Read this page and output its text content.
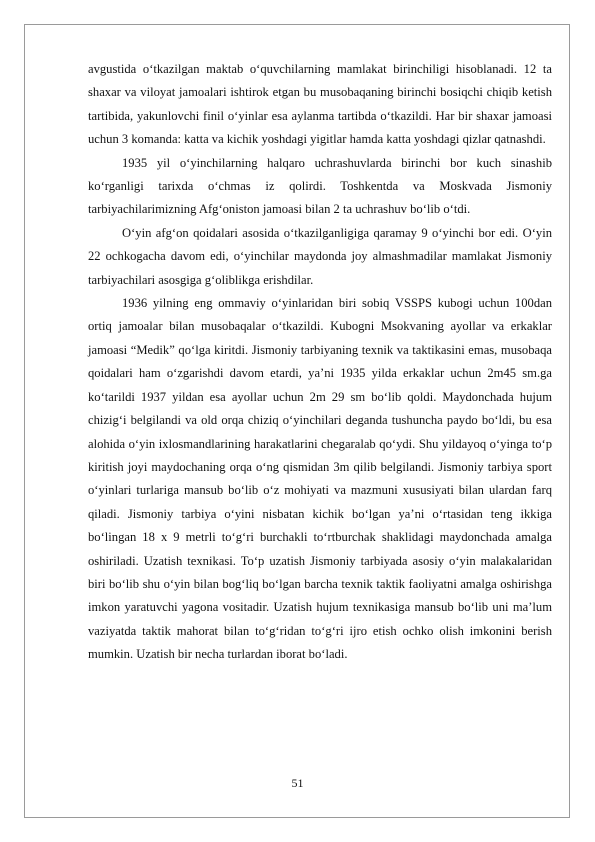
avgustida o‘tkazilgan maktab o‘quvchilarning mamlakat birinchiligi hisoblanadi. 12 ta shaxar va viloyat jamoalari ishtirok etgan bu musobaqaning birinchi bosiqchi chiqib ketish tartibida, yakunlovchi finil o‘yinlar esa aylanma tartibda o‘tkazildi. Har bir shaxar jamoasi uchun 3 komanda: katta va kichik yoshdagi yigitlar hamda katta yoshdagi qizlar qatnashdi.

1935 yil o‘yinchilarning halqaro uchrashuvlarda birinchi bor kuch sinashib ko‘rganligi tarixda o‘chmas iz qolirdi. Toshkentda va Moskvada Jismoniy tarbiyachilarimizning Afg‘oniston jamoasi bilan 2 ta uchrashuv bo‘lib o‘tdi.

O‘yin afg‘on qoidalari asosida o‘tkazilganligiga qaramay 9 o‘yinchi bor edi. O‘yin 22 ochkogacha davom edi, o‘yinchilar maydonda joy almashmadilar mamlakat Jismoniy tarbiyachilari asosgiga g‘oliblikga erishdilar.

1936 yilning eng ommaviy o‘yinlaridan biri sobiq VSSPS kubogi uchun 100dan ortiq jamoalar bilan musobaqalar o‘tkazildi. Kubogni Msokvaning ayollar va erkaklar jamoasi “Medik” qo‘lga kiritdi. Jismoniy tarbiyaning texnik va taktikasini emas, musobaqa qoidalari ham o‘zgarishdi davom etardi, ya’ni 1935 yilda erkaklar uchun 2m45 sm.ga ko‘tarildi 1937 yildan esa ayollar uchun 2m 29 sm bo‘lib qoldi. Maydonchada hujum chizig‘i belgilandi va old orqa chiziq o‘yinchilari deganda tushuncha paydo bo‘ldi, bu esa alohida o‘yin ixlosmandlarining harakatlarini chegaralab qo‘ydi. Shu yildayoq o‘yinga to‘p kiritish joyi maydochaning orqa o‘ng qismidan 3m qilib belgilandi. Jismoniy tarbiya sport o‘yinlari turlariga mansub bo‘lib o‘z mohiyati va mazmuni xususiyati bilan ulardan farq qiladi. Jismoniy tarbiya o‘yini nisbatan kichik bo‘lgan ya’ni o‘rtasidan teng ikkiga bo‘lingan 18 x 9 metrli to‘g‘ri burchakli to‘rtburchak shaklidagi maydonchada amalga oshiriladi. Uzatish texnikasi. To‘p uzatish Jismoniy tarbiyada asosiy o‘yin malakalaridan biri bo‘lib shu o‘yin bilan bog‘liq bo‘lgan barcha texnik taktik faoliyatni amalga oshirishga imkon yaratuvchi yagona vositadir. Uzatish hujum texnikasiga mansub bo‘lib uni ma’lum vaziyatda taktik mahorat bilan to‘g‘ridan to‘g‘ri ijro etish ochko olish imkonini berish mumkin. Uzatish bir necha turlardan iborat bo‘ladi.

51
